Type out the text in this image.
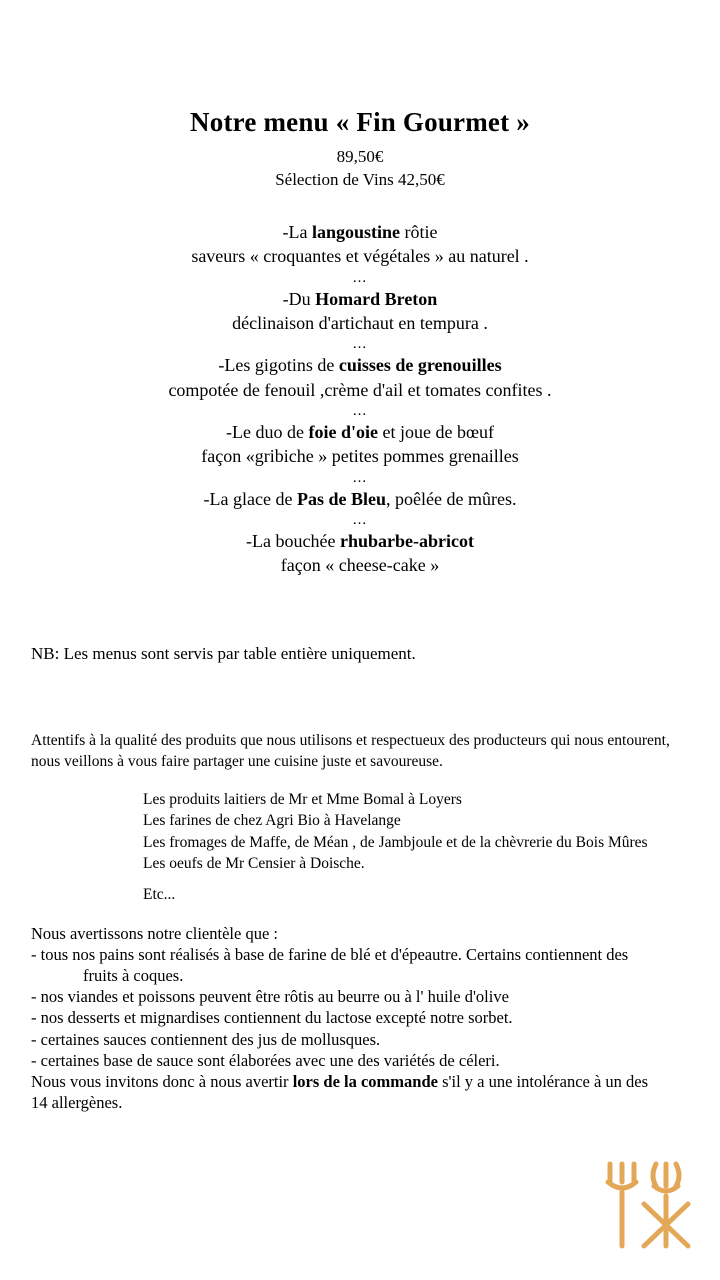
Notre menu « Fin Gourmet »
89,50€
Sélection de Vins 42,50€
-La langoustine rôtie
saveurs « croquantes et végétales » au naturel .
...
-Du Homard Breton
déclinaison d'artichaut en tempura .
...
-Les gigotins de cuisses de grenouilles
compotée de fenouil ,crème d'ail et tomates confites .
...
-Le duo de foie d'oie et joue de bœuf
façon «gribiche » petites pommes grenailles
...
-La glace de Pas de Bleu, poêlée de mûres.
...
-La bouchée rhubarbe-abricot
façon « cheese-cake »
NB: Les menus sont servis par table entière uniquement.
Attentifs à la qualité des produits que nous utilisons et respectueux des producteurs qui nous entourent,
nous veillons à vous faire partager une cuisine juste et savoureuse.
Les produits laitiers de Mr et Mme Bomal à Loyers
Les farines de chez Agri Bio à Havelange
Les fromages de Maffe, de Méan , de Jambjoule et de la chèvrerie du Bois Mûres
Les oeufs de Mr Censier à Doische.
Etc...
Nous avertissons notre clientèle que :
- tous nos pains sont réalisés à base de farine de blé et d'épeautre. Certains contiennent des
fruits à coques.
- nos viandes et poissons peuvent être rôtis au beurre ou à l' huile d'olive
- nos desserts et mignardises contiennent du lactose excepté notre sorbet.
- certaines sauces contiennent des jus de mollusques.
- certaines base de sauce sont élaborées avec une des variétés de céleri.
Nous vous invitons donc à nous avertir lors de la commande s'il y a une intolérance à un des
14 allergènes.
